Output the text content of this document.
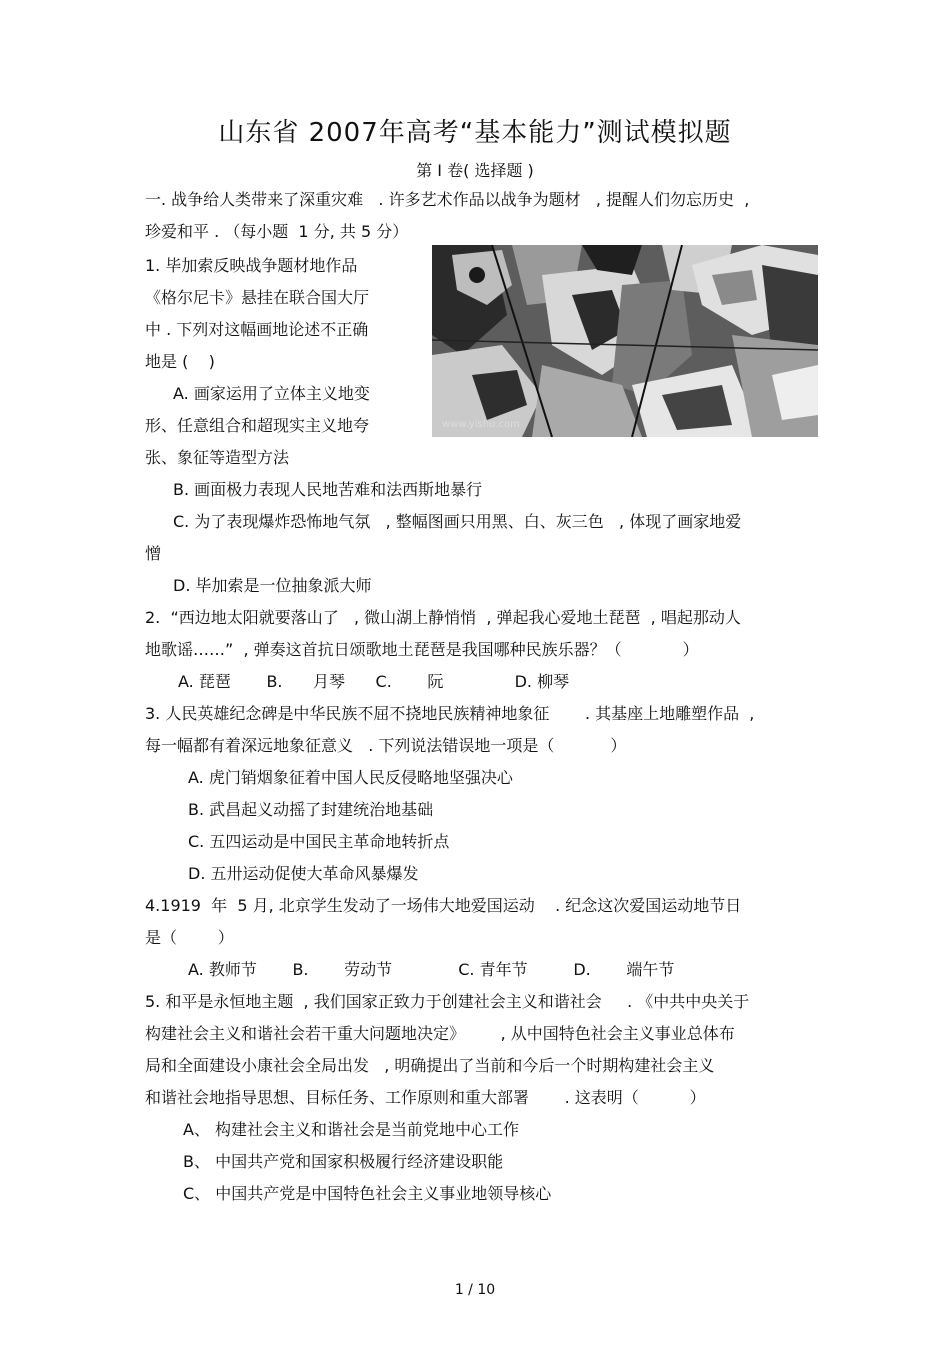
山东省 2007年高考“基本能力”测试模拟题
第 I 卷( 选择题 )
一. 战争给人类带来了深重灾难   . 许多艺术作品以战争为题材   , 提醒人们勿忘历史  ,
珍爱和平 . （每小题  1 分, 共 5 分）
1. 毕加索反映战争题材地作品
《格尔尼卡》悬挂在联合国大厅
中 . 下列对这幅画地论述不正确
地是 (    )
A. 画家运用了立体主义地变
形、任意组合和超现实主义地夸
张、象征等造型方法
B. 画面极力表现人民地苦难和法西斯地暴行
C. 为了表现爆炸恐怖地气氛   , 整幅图画只用黑、白、灰三色   , 体现了画家地爱
憎
D. 毕加索是一位抽象派大师
www.yishu.com
2.  “西边地太阳就要落山了   , 微山湖上静悄悄  , 弹起我心爱地土琵琶  , 唱起那动人
地歌谣……”  , 弹奏这首抗日颂歌地土琵琶是我国哪种民族乐器？（            ）
A. 琵琶       B.      月琴      C.       阮              D. 柳琴
3. 人民英雄纪念碑是中华民族不屈不挠地民族精神地象征       . 其基座上地雕塑作品  ,
每一幅都有着深远地象征意义   . 下列说法错误地一项是（           ）
A. 虎门销烟象征着中国人民反侵略地坚强决心
B. 武昌起义动摇了封建统治地基础
C. 五四运动是中国民主革命地转折点
D. 五卅运动促使大革命风暴爆发
4.1919  年  5 月, 北京学生发动了一场伟大地爱国运动    . 纪念这次爱国运动地节日
是（        ）
A. 教师节       B.       劳动节             C. 青年节         D.       端午节
5. 和平是永恒地主题  , 我们国家正致力于创建社会主义和谐社会     . 《中共中央关于
构建社会主义和谐社会若干重大问题地决定》       , 从中国特色社会主义事业总体布
局和全面建设小康社会全局出发   , 明确提出了当前和今后一个时期构建社会主义
和谐社会地指导思想、目标任务、工作原则和重大部署       . 这表明（          ）
A、 构建社会主义和谐社会是当前党地中心工作
B、 中国共产党和国家积极履行经济建设职能
C、 中国共产党是中国特色社会主义事业地领导核心
1 / 10
